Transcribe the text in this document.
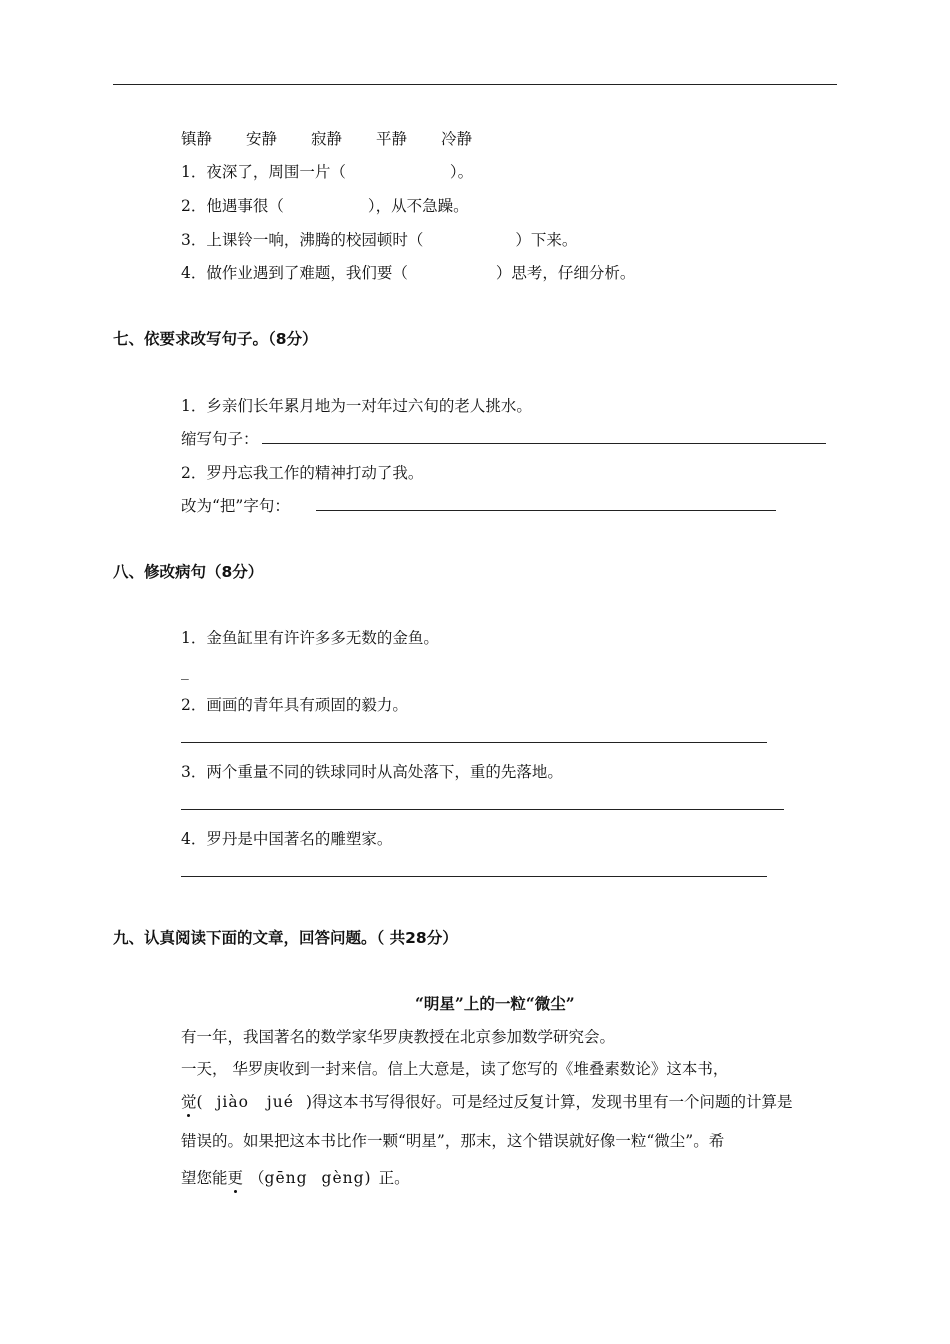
镇静 安静 寂静 平静 冷静
1．夜深了，周围一片（	）。
2．他遇事很（	），从不急躁。
3．上课铃一响，沸腾的校园顿时（	）下来。
4．做作业遇到了难题，我们要（	）思考，仔细分析。
七、依要求改写句子。（8分）
1．乡亲们长年累月地为一对年过六旬的老人挑水。
缩写句子：
2．罗丹忘我工作的精神打动了我。
改为“把”字句：
八、修改病句（8分）
1．金鱼缸里有许许多多无数的金鱼。
_
2．画画的青年具有顽固的毅力。
3．两个重量不同的铁球同时从高处落下，重的先落地。
4．罗丹是中国著名的雕塑家。
九、认真阅读下面的文章，回答问题。（ 共28分）
“明星”上的一粒“微尘”
有一年，我国著名的数学家华罗庚教授在北京参加数学研究会。
一天， 华罗庚收到一封来信。信上大意是，读了您写的《堆叠素数论》这本书，
觉( jiào jué )得这本书写得很好。可是经过反复计算，发现书里有一个问题的计算是
错误的。如果把这本书比作一颗“明星”，那末，这个错误就好像一粒“微尘”。希
望您能更 （gēng gèng) 正。
